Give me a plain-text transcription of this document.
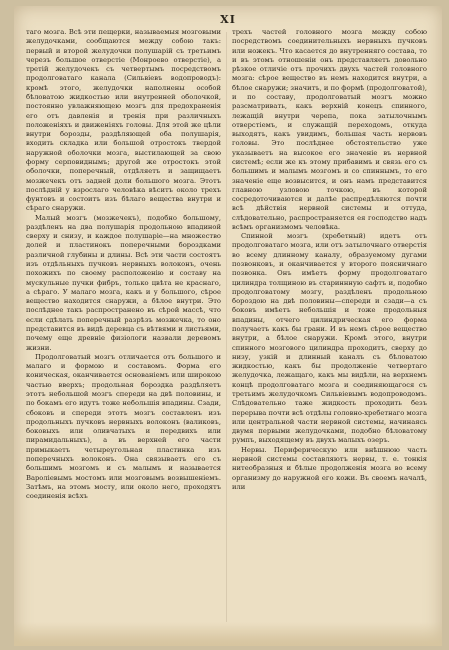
XI

таго мозга. Всѣ эти пещерки, называемыя мозговыми желудочками, сообщаются между собою такъ: первый и второй желудочки полушарій съ третьимъ черезъ большое отверстіе (Монроево отверстіе), а третій желудочекъ съ четвертымъ посредствомъ продолговатаго канала (Сильвіевъ водопроводъ): кромѣ этого, желудочки наполнены особой бѣловатою жидкостью или внутренней оболочкой, постоянно увлажняющею мозгъ для предохраненія его отъ давленія и тренія при различныхъ положеніяхъ и движеніяхъ головы. Для этой же цѣли внутри борозды, раздѣляющей оба полушарія, входить складка или большой отростокъ твердой наружной оболочки мозга, выстилающей за свою форму серповиднымъ; другой же отростокъ этой оболочки, поперечный, отдѣляетъ и защищаетъ мозжечекъ отъ задней доли большого мозга. Этотъ послѣдній у взрослаго человѣка вѣситъ около трехъ фунтовъ и состоитъ изъ бѣлаго вещества внутри и сѣраго снаружи.

Малый мозгъ (мозжечекъ), подобно большому, раздѣленъ на два полушарія продольною впадиной сверху и снизу, и каждое полушаріе—на множество долей и пластинокъ поперечными бороздками различной глубины и длины. Всѣ эти части состоятъ изъ отдѣльныхъ пучковъ нервныхъ волоконъ, очень похожихъ по своему расположенію и составу на мускульные пучки фибръ, только цвѣта не краснаго, а сѣраго. У малаго мозга, какъ и у большого, сѣрое вещество находится снаружи, а бѣлое внутри. Это послѣднее такъ распространено въ сѣрой массѣ, что если сдѣлать поперечный разрѣзъ мозжечка, то оно представится въ видѣ деревца съ вѣтвями и листьями, почему еще древніе физіологи назвали деревомъ жизни.

Продолговатый мозгъ отличается отъ большого и малаго и формою и составомъ. Форма его коническая, оканчивается основаніемъ или широкою частью вверхъ; продольная бороздка раздѣляетъ этотъ небольшой мозгъ спереди на двѣ половины, и по бокамъ его идутъ тоже небольшія впадины. Сзади, сбоковъ и спереди этотъ мозгъ составленъ изъ продольныхъ пучковъ нервныхъ волоконъ (валиковъ, боковыхъ или оливчатыхъ и передвихъ или пирамидальныхъ), а въ верхней его части примыкаетъ четыреугольная пластинка изъ поперечныхъ волоконъ. Она связываетъ его съ большимъ мозгомъ и съ малымъ и называется Варолiевымъ мостомъ или мозговымъ возвышеніемъ. Затѣмъ, на этомъ мосту, или около него, проходятъ соединенія всѣхъ

трехъ частей головного мозга между собою посредствомъ соединительныхъ нервныхъ пучковъ или ножекъ. Что касается до внутренняго состава, то и въ этомъ отношеніи онъ представляетъ довольно рѣзкое отличіе отъ прочихъ двухъ частей головного мозга: сѣрое вещество въ немъ находится внутри, а бѣлое снаружи; значитъ, и по формѣ (продолговатой), и по составу, продолговатый мозгъ можно разсматривать, какъ верхній конецъ спинного, лежащій внутри черепа, пока затылочнымъ отверстіемъ, и служащій переходомъ, откуда выходятъ, какъ увидимъ, большая часть нервовъ головы. Это послѣднее обстоятельство уже указываетъ на высокое его значеніе въ нервной системѣ; если же къ этому прибавимъ и связь его съ большимъ и малымъ мозгомъ и со спиннымъ, то его значеніе еще возвысится, и онъ намъ представится главною узловою точкою, въ которой сосредоточиваются и далѣе распредѣляются почти всѣ дѣйствія нервной системы и оттуда, слѣдовательно, распространяется ея господство надъ всѣмъ организмомъ человѣка.

Спинной мозгъ (хребетный) идетъ отъ продолговатаго мозга, или отъ затылочнаго отверстія во всему длинному каналу, образуемому дугами позвонковъ, и оканчивается у второго поясничнаго позвонка. Онъ имѣетъ форму продолговатаго цилиндра толщиною въ стариннную сафтъ и, подобно продолговатому мозгу, раздѣленъ продольною бороздою на двѣ половины—спереди и сзади—а съ боковъ имѣетъ небольшія и тоже продольныя впадины, отчего цилиндрическая его форма получаетъ какъ бы грани. И въ немъ сѣрое вещество внутри, а бѣлое снаружи. Кромѣ этого, внутри спинного мозгового цилиндра проходитъ, сверху до низу, узкій и длинный каналъ съ бѣловатою жидкостью, какъ бы продолженіе четвертаго желудочка, лежащаго, какъ мы видѣли, на верхнемъ концѣ продолговатаго мозга и соединяющагося съ третьимъ желудочкомъ Сильвіевымъ водопроводомъ. Слѣдовательно таже жидкость проходить безъ перерыва почти всѣ отдѣлы головно-хребетнаго мозга или центральной части нервной системы, начинаясь двумя первыми желудочками, подобно бѣловатому румпъ, выходящему въ двухъ малыхъ озеръ.

Нервы. Периферическую или внѣшнюю часть нервной системы составляютъ нервы, т. е. тонкія нитеобразныя и бѣлые продолженія мозга во всему организму до наружной его кожи. Въ своемъ началѣ, или
